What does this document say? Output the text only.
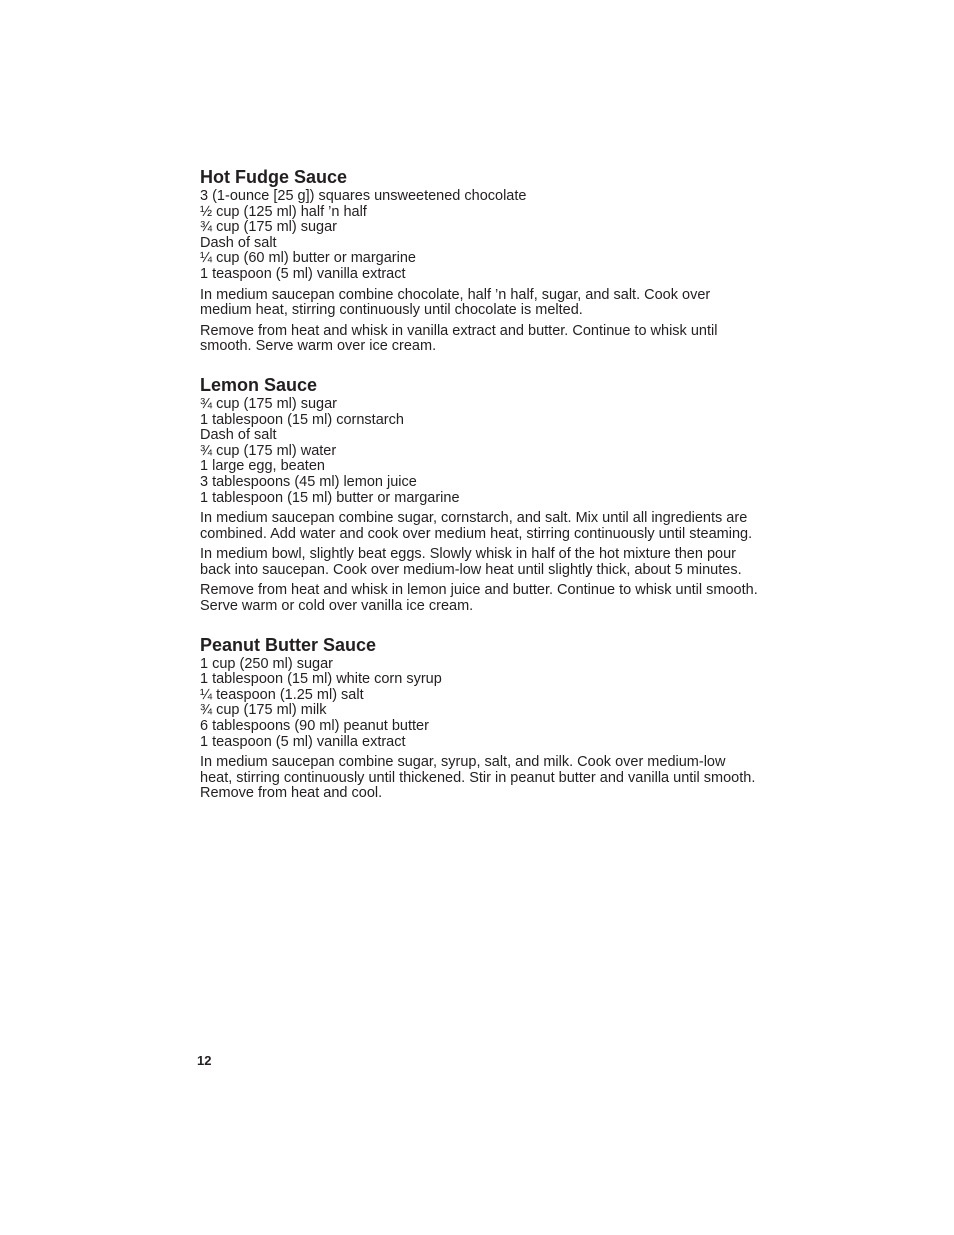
Hot Fudge Sauce
3 (1-ounce [25 g]) squares unsweetened chocolate
½ cup (125 ml) half ’n half
¾ cup (175 ml) sugar
Dash of salt
¼ cup (60 ml) butter or margarine
1 teaspoon (5 ml) vanilla extract

In medium saucepan combine chocolate, half ’n half, sugar, and salt. Cook over medium heat, stirring continuously until chocolate is melted.

Remove from heat and whisk in vanilla extract and butter. Continue to whisk until smooth. Serve warm over ice cream.

Lemon Sauce
¾ cup (175 ml) sugar
1 tablespoon (15 ml) cornstarch
Dash of salt
¾ cup (175 ml) water
1 large egg, beaten
3 tablespoons (45 ml) lemon juice
1 tablespoon (15 ml) butter or margarine

In medium saucepan combine sugar, cornstarch, and salt. Mix until all ingredients are combined. Add water and cook over medium heat, stirring continuously until steaming.

In medium bowl, slightly beat eggs. Slowly whisk in half of the hot mixture then pour back into saucepan. Cook over medium-low heat until slightly thick, about 5 minutes.

Remove from heat and whisk in lemon juice and butter. Continue to whisk until smooth. Serve warm or cold over vanilla ice cream.

Peanut Butter Sauce
1 cup (250 ml) sugar
1 tablespoon (15 ml) white corn syrup
¼ teaspoon (1.25 ml) salt
¾ cup (175 ml) milk
6 tablespoons (90 ml) peanut butter
1 teaspoon (5 ml) vanilla extract

In medium saucepan combine sugar, syrup, salt, and milk. Cook over medium-low heat, stirring continuously until thickened. Stir in peanut butter and vanilla until smooth. Remove from heat and cool.

12
